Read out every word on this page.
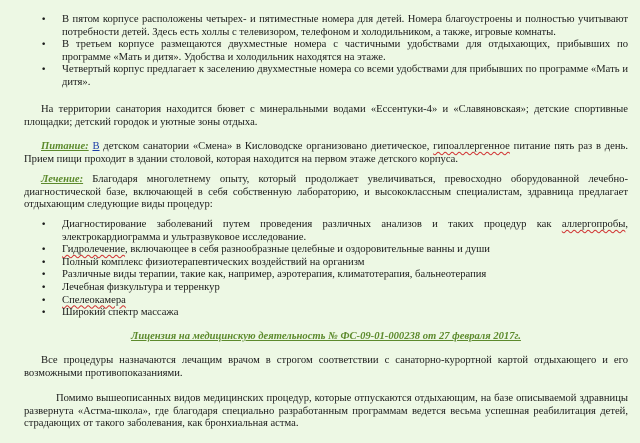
• В пятом корпусе расположены четырех- и пятиместные номера для детей. Номера благоустроены и полностью учитывают потребности детей. Здесь есть холлы с телевизором, телефоном и холодильником, а также, игровые комнаты.

• В третьем корпусе размещаются двухместные номера с частичными удобствами для отдыхающих, прибывших по программе «Мать и дитя». Удобства и холодильник находятся на этаже.

• Четвертый корпус предлагает к заселению двухместные номера со всеми удобствами для прибывших по программе «Мать и дитя».

На территории санатория находится бювет с минеральными водами «Ессентуки-4» и «Славяновская»; детские спортивные площадки; детский городок и уютные зоны отдыха.

Питание: В детском санатории «Смена» в Кисловодске организовано диетическое, гипоаллергенное питание пять раз в день. Прием пищи проходит в здании столовой, которая находится на первом этаже детского корпуса.

Лечение: Благодаря многолетнему опыту, который продолжает увеличиваться, превосходно оборудованной лечебно-диагностической базе, включающей в себя собственную лабораторию, и высококлассным специалистам, здравница предлагает отдыхающим следующие виды процедур:

• Диагностирование заболеваний путем проведения различных анализов и таких процедур как аллергопробы, электрокардиограмма и ультразвуковое исследование.

• Гидролечение, включающее в себя разнообразные целебные и оздоровительные ванны и души

• Полный комплекс физиотерапевтических воздействий на организм

• Различные виды терапии, такие как, например, аэротерапия, климатотерапия, бальнеотерапия

• Лечебная физкультура и терренкур

• Спелеокамера

• Широкий спектр массажа

Лицензия на медицинскую деятельность № ФС-09-01-000238 от 27 февраля 2017г.

Все процедуры назначаются лечащим врачом в строгом соответствии с санаторно-курортной картой отдыхающего и его возможными противопоказаниями.

Помимо вышеописанных видов медицинских процедур, которые отпускаются отдыхающим, на базе описываемой здравницы развернута «Астма-школа», где благодаря специально разработанным программам ведется весьма успешная реабилитация детей, страдающих от такого заболевания, как бронхиальная астма.
